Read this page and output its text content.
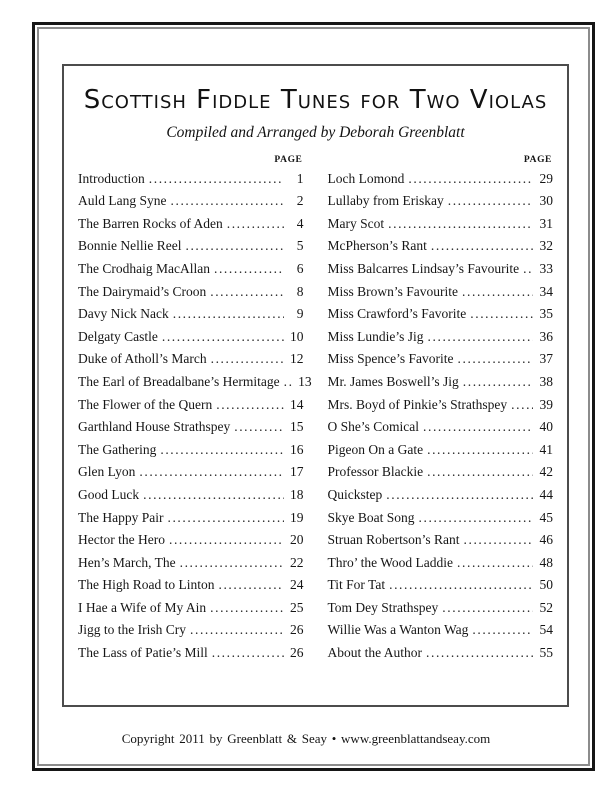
Scottish Fiddle Tunes for Two Violas
Compiled and Arranged by Deborah Greenblatt
PAGE
Introduction .....	1
Auld Lang Syne .....	2
The Barren Rocks of Aden .....	4
Bonnie Nellie Reel .....	5
The Crodhaig MacAllan .....	6
The Dairymaid’s Croon .....	8
Davy Nick Nack .....	9
Delgaty Castle .....	10
Duke of Atholl’s March .....	12
The Earl of Breadalbane’s Hermitage ..... 13
The Flower of the Quern .....	14
Garthland House Strathspey .....	15
The Gathering .....	16
Glen Lyon .....	17
Good Luck .....	18
The Happy Pair .....	19
Hector the Hero .....	20
Hen’s March, The .....	22
The High Road to Linton .....	24
I Hae a Wife of My Ain .....	25
Jigg to the Irish Cry .....	26
The Lass of Patie’s Mill .....	26
PAGE
Loch Lomond .....	29
Lullaby from Eriskay .....	30
Mary Scot .....	31
McPherson’s Rant .....	32
Miss Balcarres Lindsay’s Favourite ..... 33
Miss Brown’s Favourite .....	34
Miss Crawford’s Favorite .....	35
Miss Lundie’s Jig .....	36
Miss Spence’s Favorite .....	37
Mr. James Boswell’s Jig .....	38
Mrs. Boyd of Pinkie’s Strathspey ..... 39
O She’s Comical .....	40
Pigeon On a Gate .....	41
Professor Blackie .....	42
Quickstep .....	44
Skye Boat Song .....	45
Struan Robertson’s Rant .....	46
Thro’ the Wood Laddie .....	48
Tit For Tat .....	50
Tom Dey Strathspey .....	52
Willie Was a Wanton Wag .....	54
About the Author .....	55
Copyright 2011 by Greenblatt & Seay • www.greenblattandseay.com
